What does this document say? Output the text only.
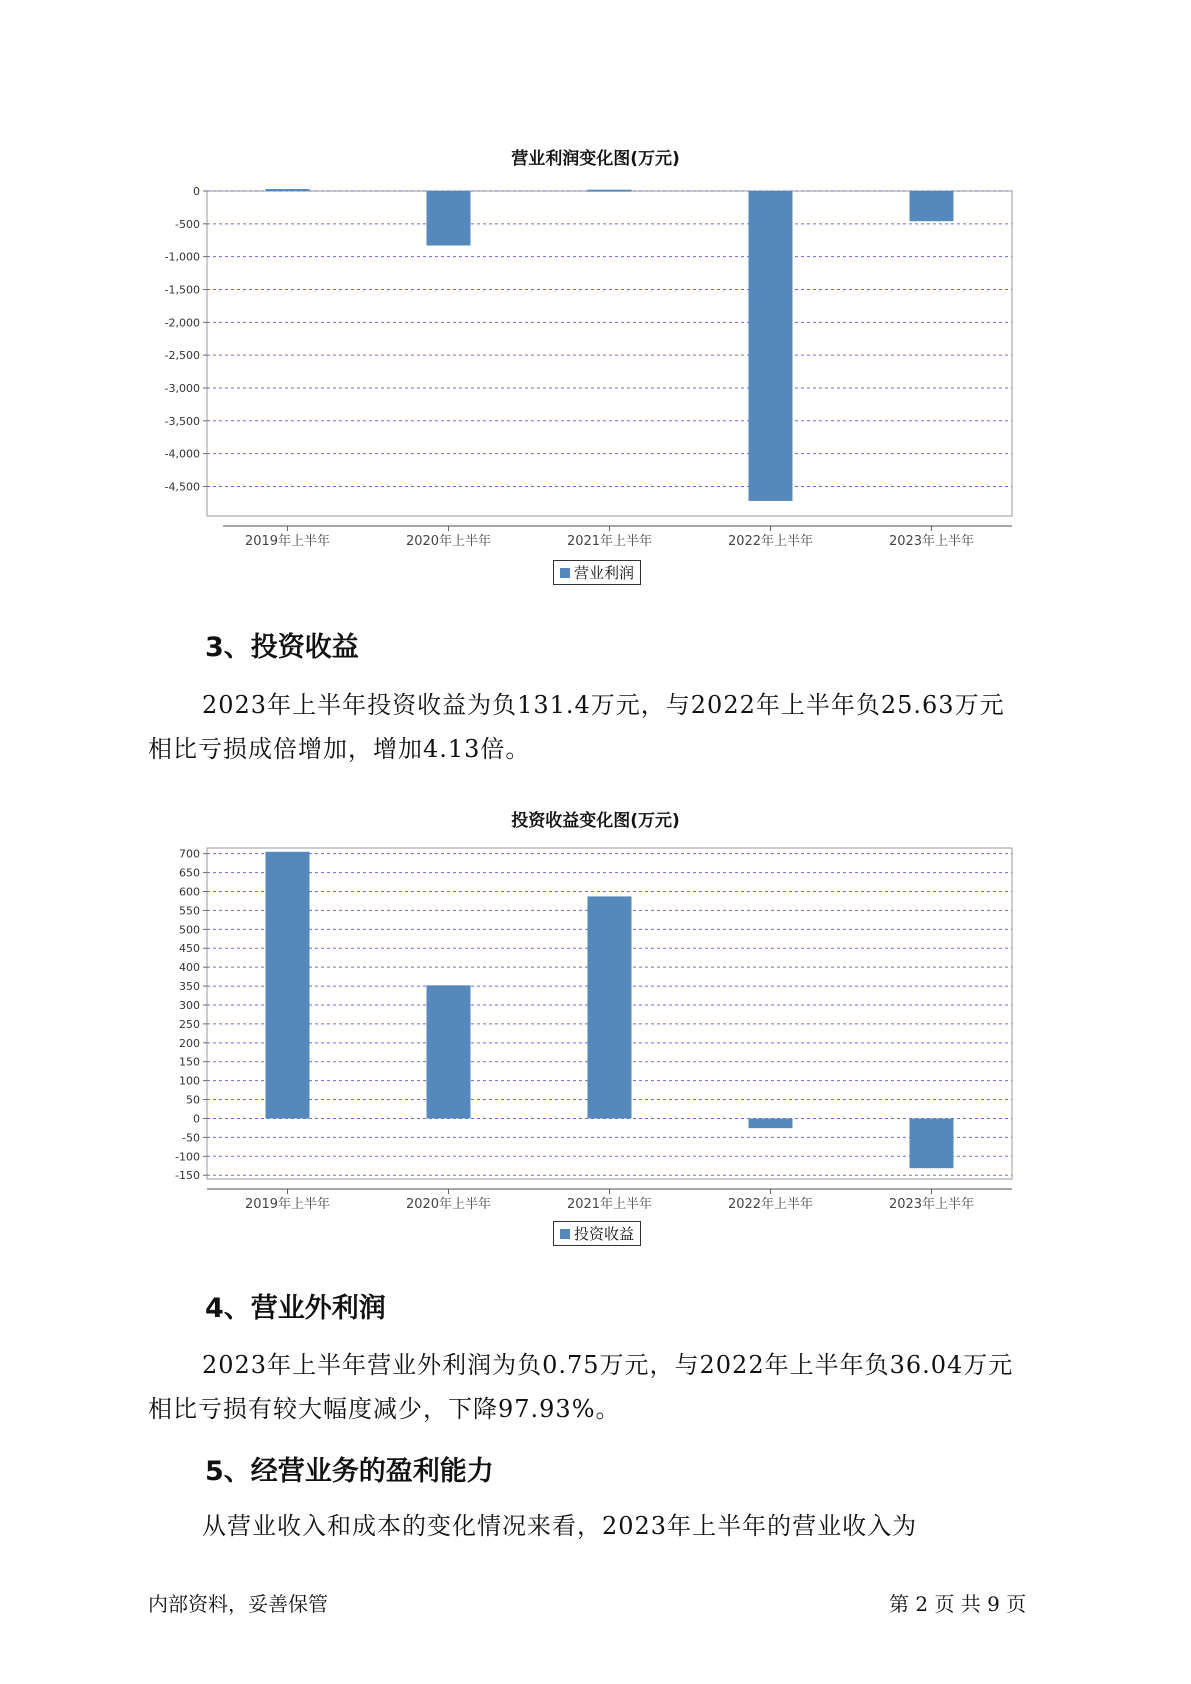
营业利润变化图(万元)
0
-500
-1,000
-1,500
-2,000
-2,500
-3,000
-3,500
-4,000
-4,500
2019年上半年	2020年上半年	2021年上半年	2022年上半年	2023年上半年
营业利润
3、投资收益
2023年上半年投资收益为负131.4万元，与2022年上半年负25.63万元
相比亏损成倍增加，增加4.13倍。
投资收益变化图(万元)
700
650
600
550
500
450
400
350
300
250
200
150
100
50
0
-50
-100
-150
2019年上半年	2020年上半年	2021年上半年	2022年上半年	2023年上半年
投资收益
4、营业外利润
2023年上半年营业外利润为负0.75万元，与2022年上半年负36.04万元
相比亏损有较大幅度减少，下降97.93%。
5、经营业务的盈利能力
从营业收入和成本的变化情况来看，2023年上半年的营业收入为
内部资料，妥善保管	第 2 页 共 9 页
